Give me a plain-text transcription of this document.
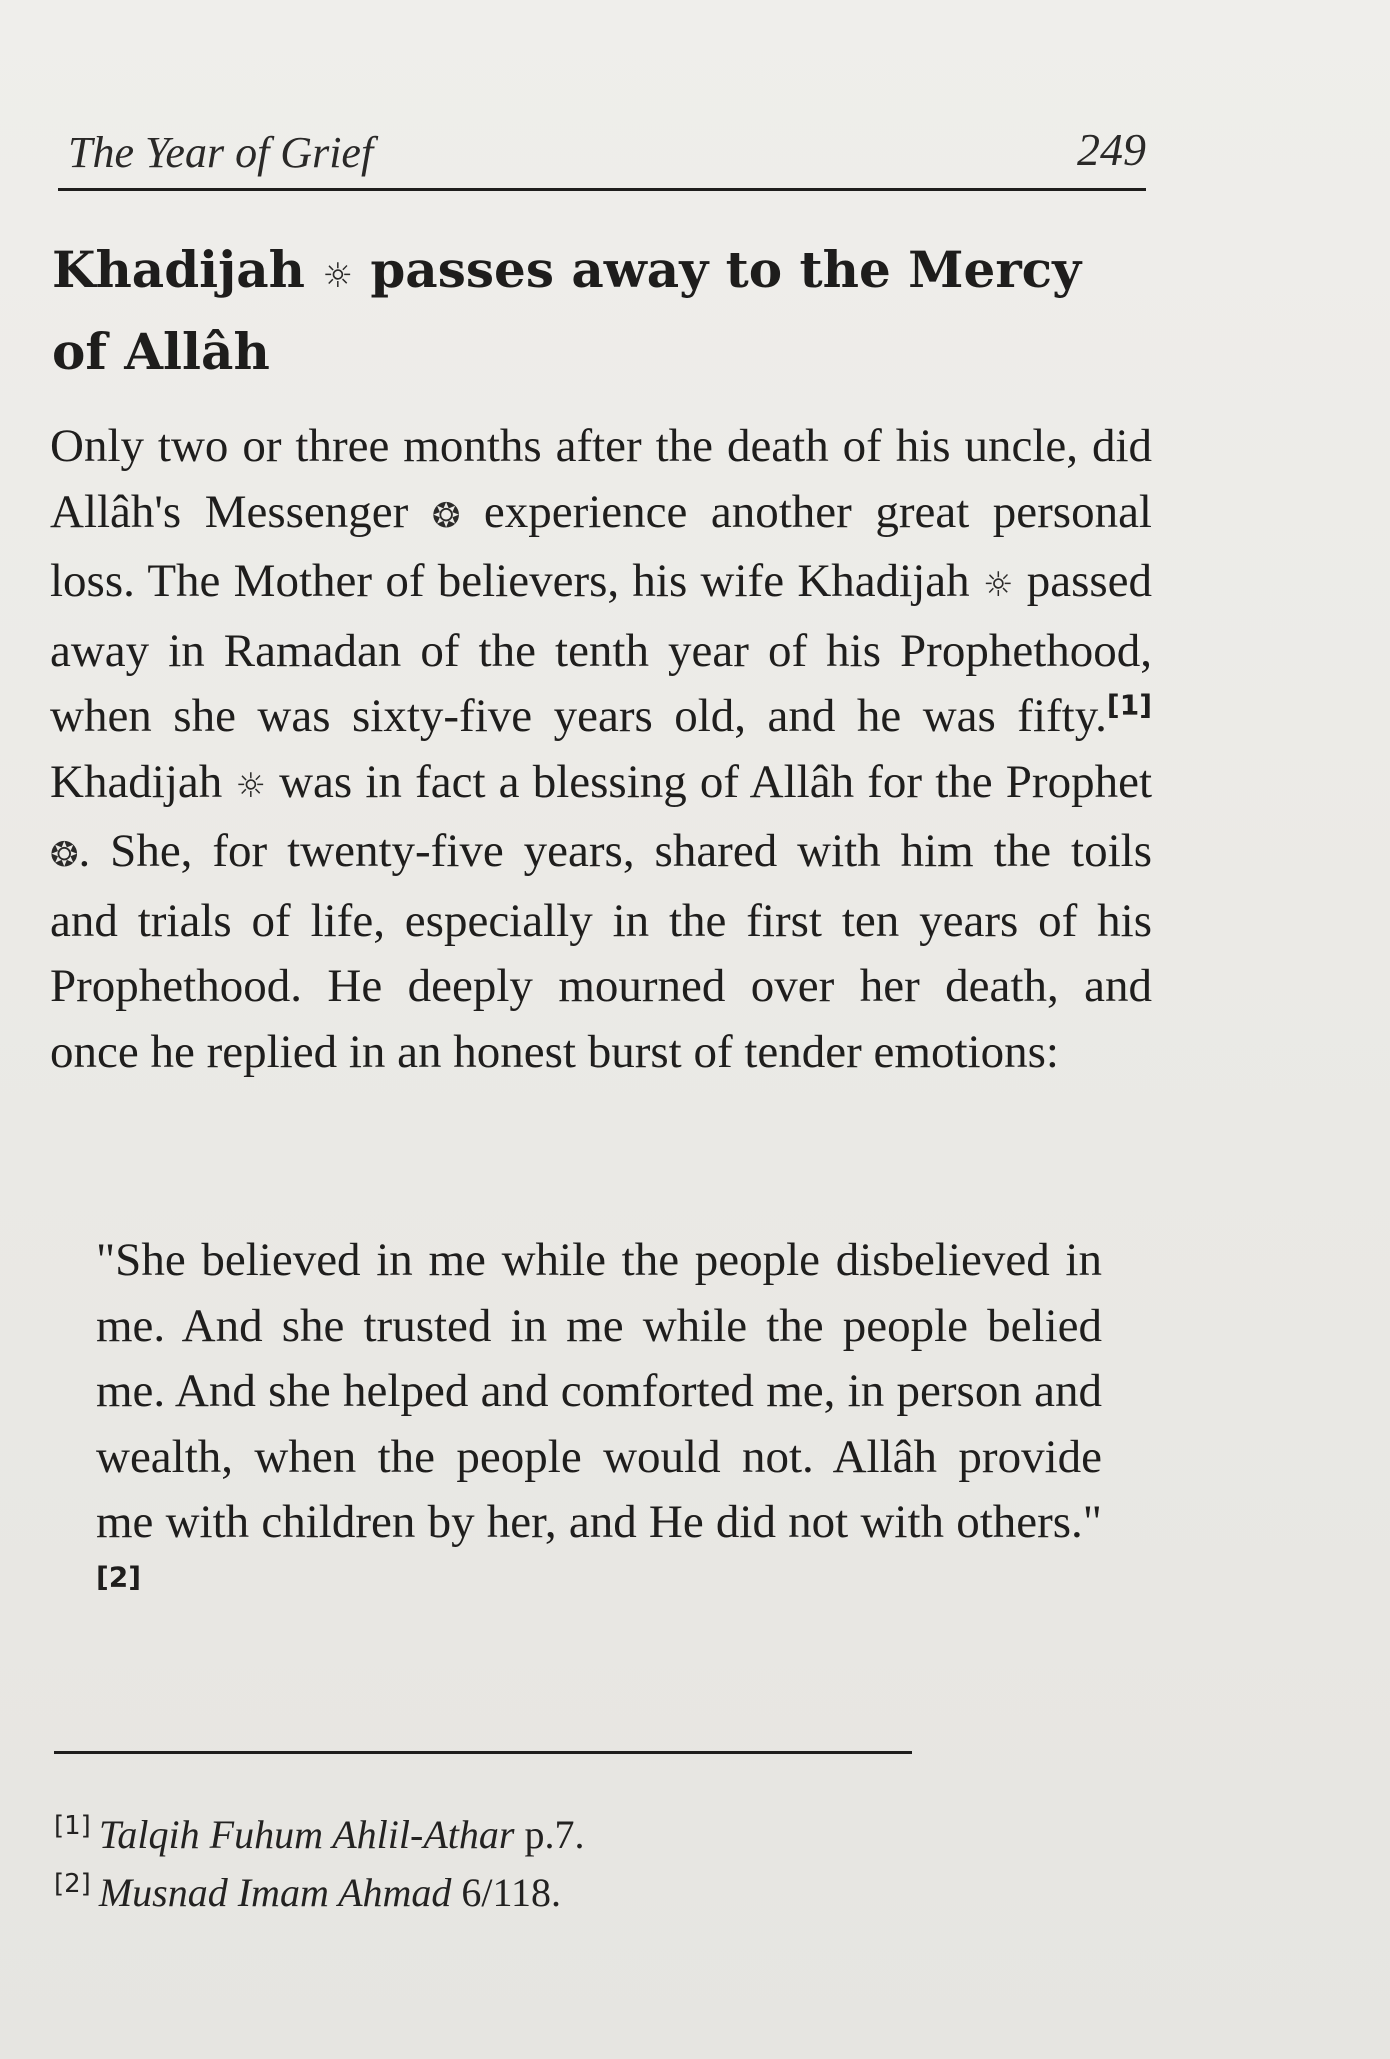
The Year of Grief	249
Khadijah ☼ passes away to the Mercy of Allâh
Only two or three months after the death of his uncle, did Allâh's Messenger ❂ experience another great personal loss. The Mother of believers, his wife Khadijah ☼ passed away in Ramadan of the tenth year of his Prophethood, when she was sixty-five years old, and he was fifty.[1] Khadijah ☼ was in fact a blessing of Allâh for the Prophet ❂. She, for twenty-five years, shared with him the toils and trials of life, especially in the first ten years of his Prophethood. He deeply mourned over her death, and once he replied in an honest burst of tender emotions:
"She believed in me while the people disbelieved in me. And she trusted in me while the people belied me. And she helped and comforted me, in person and wealth, when the people would not. Allâh provide me with children by her, and He did not with others."[2]
[1] Talqih Fuhum Ahlil-Athar p.7.
[2] Musnad Imam Ahmad 6/118.
